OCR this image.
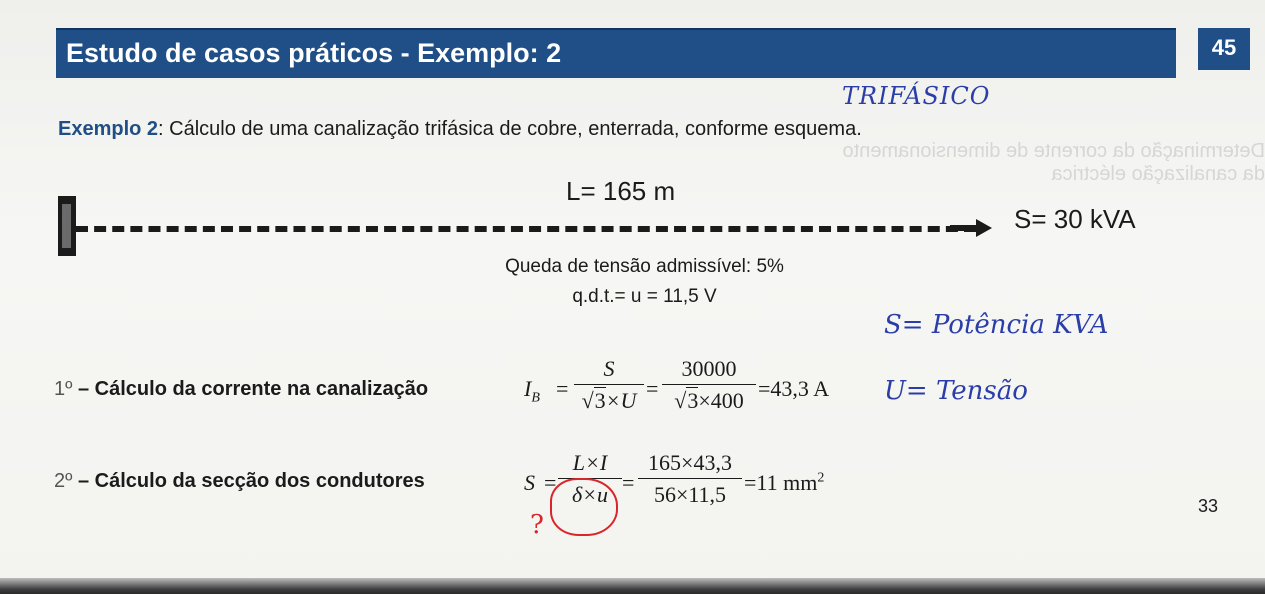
Determinação da corrente de dimensionamento da canalização eléctrica
Estudo de casos práticos - Exemplo: 2	45
TRIFÁSICO
Exemplo 2: Cálculo de uma canalização trifásica de cobre, enterrada, conforme esquema.
L= 165 m
S= 30 kVA
Queda de tensão admissível: 5%
q.d.t.= u = 11,5 V
S= Potência KVA
U= Tensão
1º – Cálculo da corrente na canalização	$I_B = \frac{S}{√3\times U} = \frac{30000}{√3\times 400} =43,3$ A
2º – Cálculo da secção dos condutores	$S = \frac{L\times I}{\delta\times u} = \frac{165\times 43,3}{56\times 11,5} =11$ $mm^2$
?
33
